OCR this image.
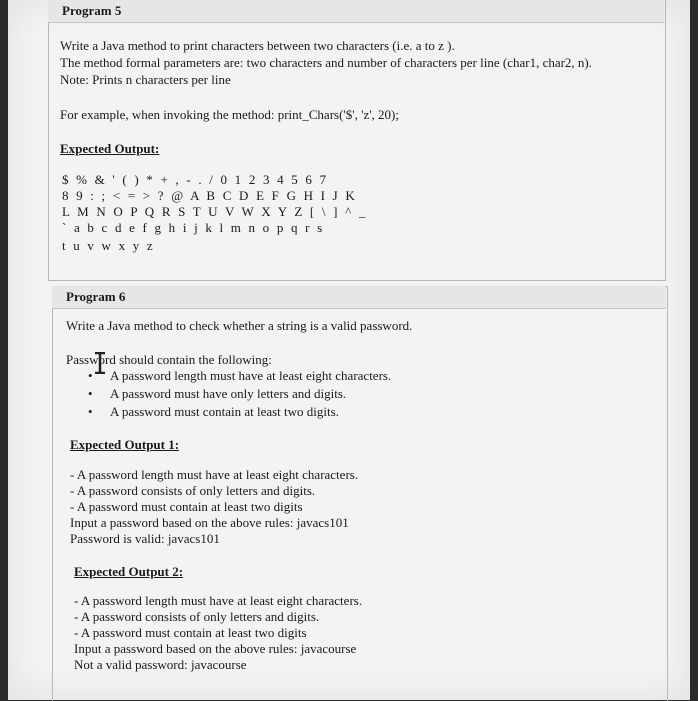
Program 5
Write a Java method to print characters between two characters (i.e. a to z ).
The method formal parameters are: two characters and number of characters per line (char1, char2, n).
Note: Prints n characters per line
For example, when invoking the method: print_Chars('$', 'z', 20);
Expected Output:
$ % & ' ( ) * + , - . / 0 1 2 3 4 5 6 7
8 9 : ; < = > ? @ A B C D E F G H I J K
L M N O P Q R S T U V W X Y Z [ \ ] ^ _
` a b c d e f g h i j k l m n o p q r s
t u v w x y z
Program 6
Write a Java method to check whether a string is a valid password.
Password should contain the following:
• A password length must have at least eight characters.
• A password must have only letters and digits.
• A password must contain at least two digits.
Expected Output 1:
- A password length must have at least eight characters.
- A password consists of only letters and digits.
- A password must contain at least two digits
Input a password based on the above rules: javacs101
Password is valid: javacs101
Expected Output 2:
- A password length must have at least eight characters.
- A password consists of only letters and digits.
- A password must contain at least two digits
Input a password based on the above rules: javacourse
Not a valid password: javacourse
